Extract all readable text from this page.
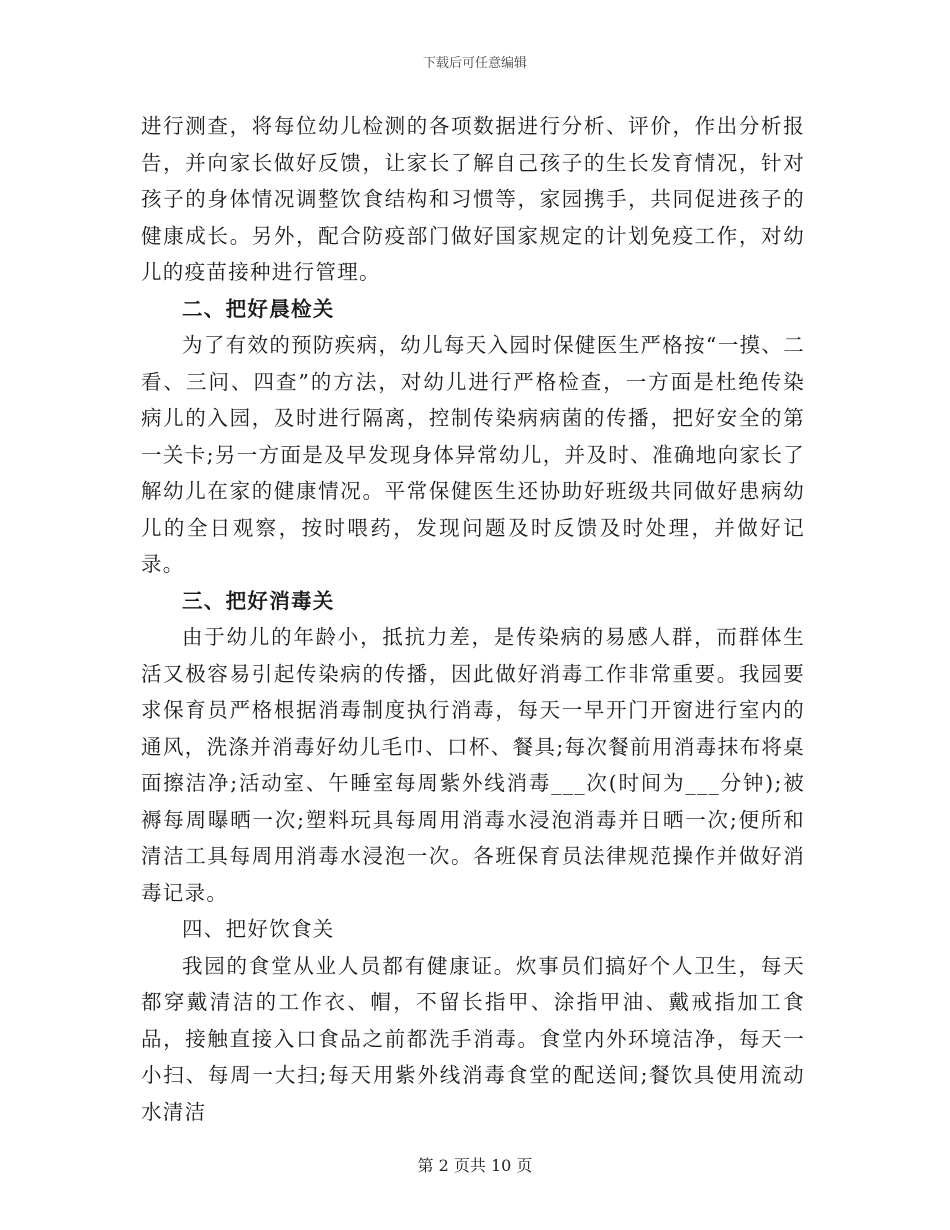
下载后可任意编辑

进行测查，将每位幼儿检测的各项数据进行分析、评价，作出分析报告，并向家长做好反馈，让家长了解自己孩子的生长发育情况，针对孩子的身体情况调整饮食结构和习惯等，家园携手，共同促进孩子的健康成长。另外，配合防疫部门做好国家规定的计划免疫工作，对幼儿的疫苗接种进行管理。

二、把好晨检关

为了有效的预防疾病，幼儿每天入园时保健医生严格按“一摸、二看、三问、四查”的方法，对幼儿进行严格检查，一方面是杜绝传染病儿的入园，及时进行隔离，控制传染病病菌的传播，把好安全的第一关卡;另一方面是及早发现身体异常幼儿，并及时、准确地向家长了解幼儿在家的健康情况。平常保健医生还协助好班级共同做好患病幼儿的全日观察，按时喂药，发现问题及时反馈及时处理，并做好记录。

三、把好消毒关

由于幼儿的年龄小，抵抗力差，是传染病的易感人群，而群体生活又极容易引起传染病的传播，因此做好消毒工作非常重要。我园要求保育员严格根据消毒制度执行消毒，每天一早开门开窗进行室内的通风，洗涤并消毒好幼儿毛巾、口杯、餐具;每次餐前用消毒抹布将桌面擦洁净;活动室、午睡室每周紫外线消毒___次(时间为___分钟);被褥每周曝晒一次;塑料玩具每周用消毒水浸泡消毒并日晒一次;便所和清洁工具每周用消毒水浸泡一次。各班保育员法律规范操作并做好消毒记录。

四、把好饮食关

我园的食堂从业人员都有健康证。炊事员们搞好个人卫生，每天都穿戴清洁的工作衣、帽，不留长指甲、涂指甲油、戴戒指加工食品，接触直接入口食品之前都洗手消毒。食堂内外环境洁净，每天一小扫、每周一大扫;每天用紫外线消毒食堂的配送间;餐饮具使用流动水清洁

第 2 页共 10 页
